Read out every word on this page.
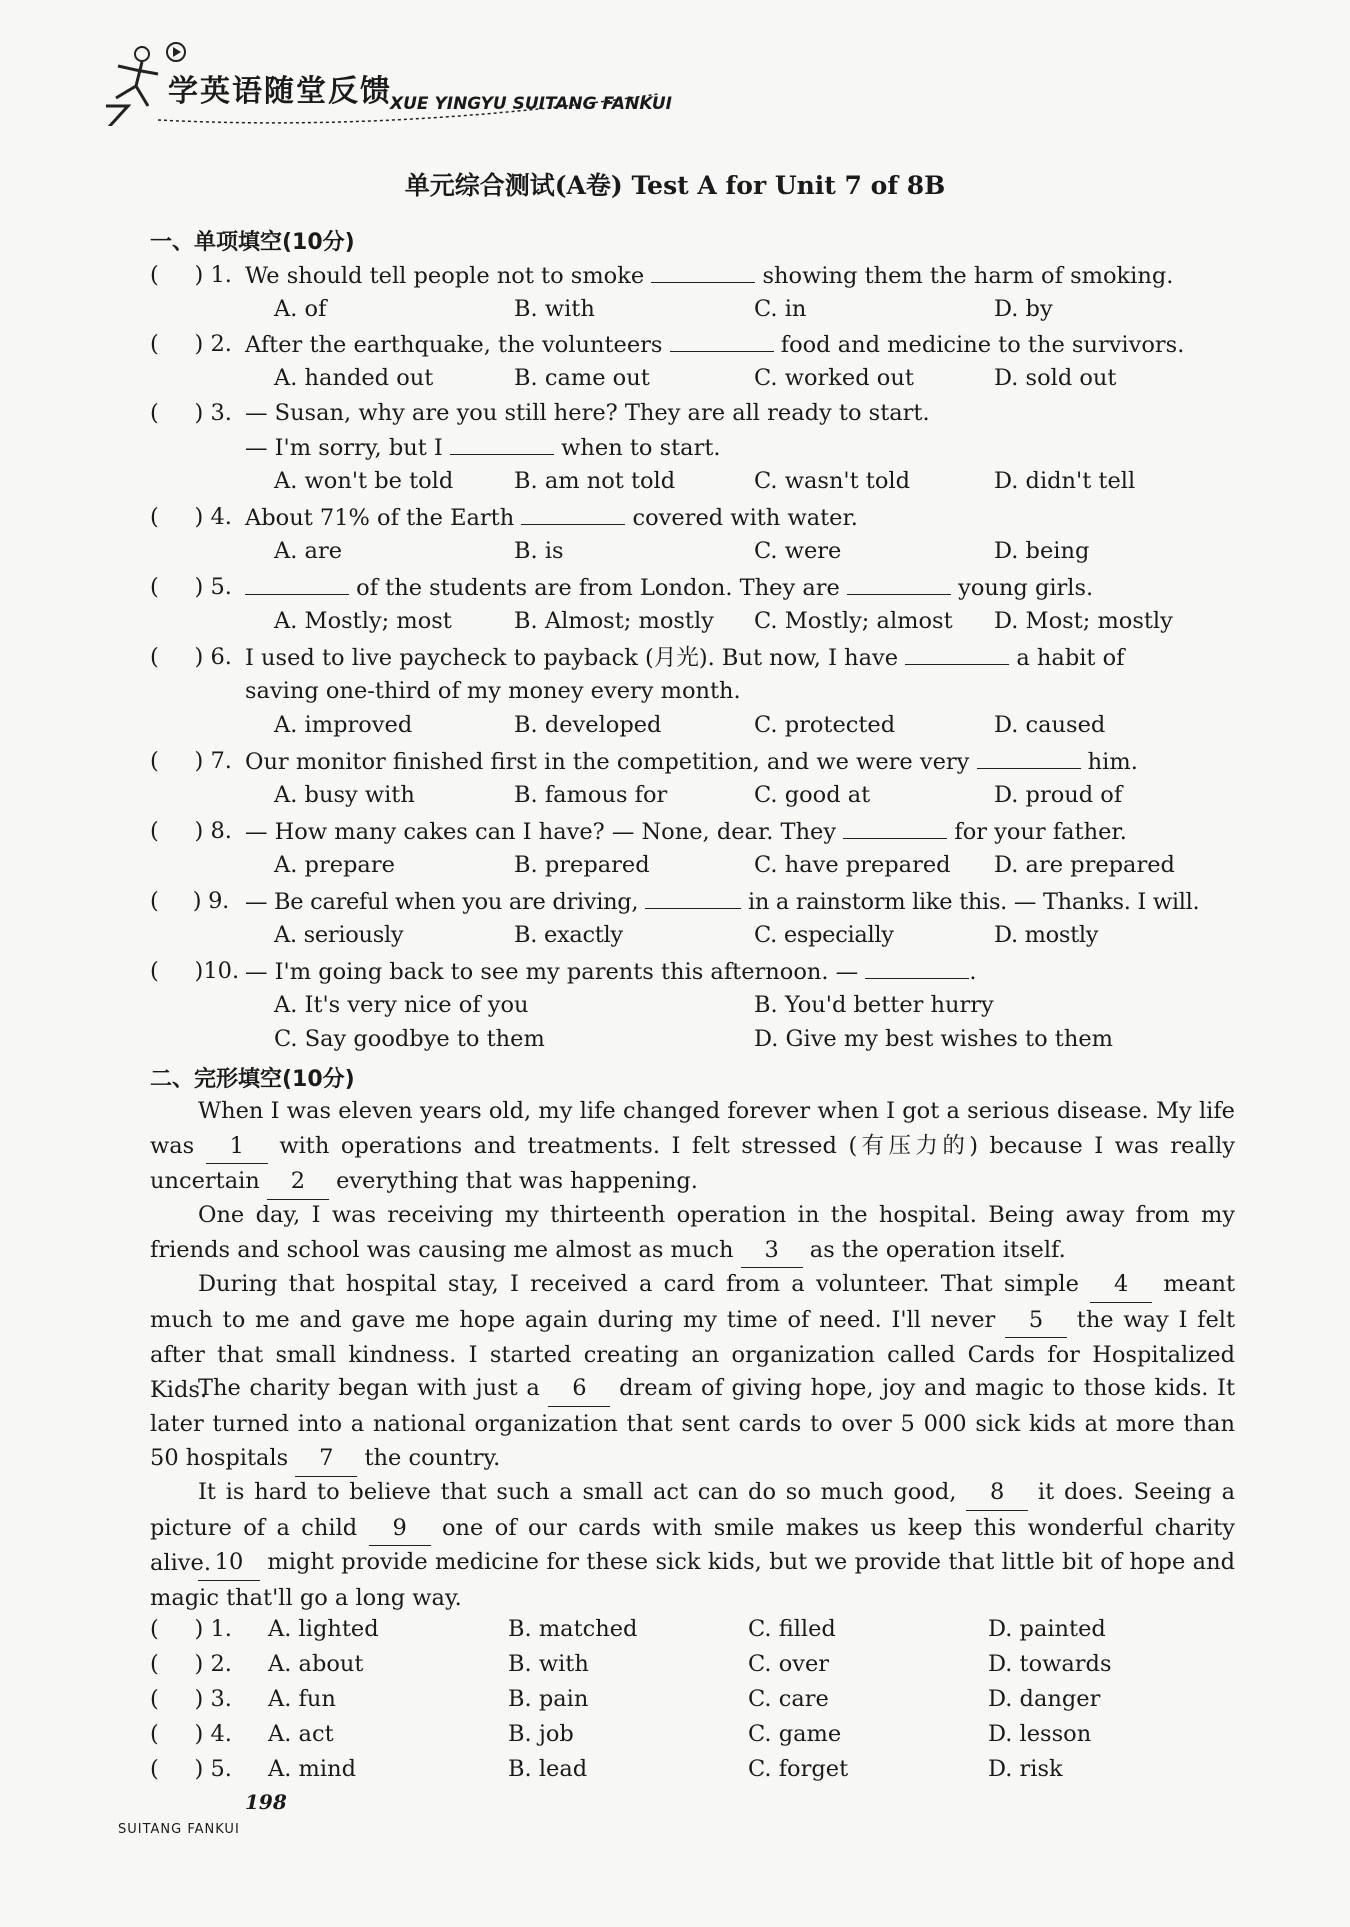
学英语随堂反馈
XUE YINGYU SUITANG FANKUI
单元综合测试(A卷) Test A for Unit 7 of 8B
一、单项填空(10分)
(     ) 1. We should tell people not to smoke	showing them the harm of smoking.
A. of	B. with	C. in	D. by
(     ) 2. After the earthquake, the volunteers	food and medicine to the survivors.
A. handed out	B. came out	C. worked out	D. sold out
(     ) 3. — Susan, why are you still here? They are all ready to start.
— I'm sorry, but I	when to start.
A. won't be told	B. am not told	C. wasn't told	D. didn't tell
(     ) 4. About 71% of the Earth	covered with water.
A. are	B. is	C. were	D. being
(     ) 5.	of the students are from London. They are	young girls.
A. Mostly; most	B. Almost; mostly C. Mostly; almost D. Most; mostly
(     ) 6. I used to live paycheck to payback (月光). But now, I have	a habit of
saving one-third of my money every month.
A. improved	B. developed	C. protected	D. caused
(     ) 7. Our monitor finished first in the competition, and we were very	him.
A. busy with	B. famous for	C. good at	D. proud of
(     ) 8. — How many cakes can I have? — None, dear. They	for your father.
A. prepare	B. prepared	C. have prepared D. are prepared
(     ) 9. — Be careful when you are driving,	in a rainstorm like this. — Thanks. I will.
A. seriously	B. exactly	C. especially	D. mostly
(     )10. — I'm going back to see my parents this afternoon. —	.
A. It's very nice of you	B. You'd better hurry
C. Say goodbye to them	D. Give my best wishes to them
二、完形填空(10分)
When I was eleven years old, my life changed forever when I got a serious disease. My life was 1 with operations and treatments. I felt stressed (有压力的) because I was really uncertain 2 everything that was happening.
One day, I was receiving my thirteenth operation in the hospital. Being away from my friends and school was causing me almost as much 3 as the operation itself.
During that hospital stay, I received a card from a volunteer. That simple 4 meant much to me and gave me hope again during my time of need. I'll never 5 the way I felt after that small kindness. I started creating an organization called Cards for Hospitalized Kids.
The charity began with just a 6 dream of giving hope, joy and magic to those kids. It later turned into a national organization that sent cards to over 5 000 sick kids at more than 50 hospitals 7 the country.
It is hard to believe that such a small act can do so much good, 8 it does. Seeing a picture of a child 9 one of our cards with smile makes us keep this wonderful charity alive. 10 might provide medicine for these sick kids, but we provide that little bit of hope and magic that'll go a long way.
(     ) 1. A. lighted	B. matched	C. filled	D. painted
(     ) 2. A. about	B. with	C. over	D. towards
(     ) 3. A. fun	B. pain	C. care	D. danger
(     ) 4. A. act	B. job	C. game	D. lesson
(     ) 5. A. mind	B. lead	C. forget	D. risk
198
SUITANG FANKUI
